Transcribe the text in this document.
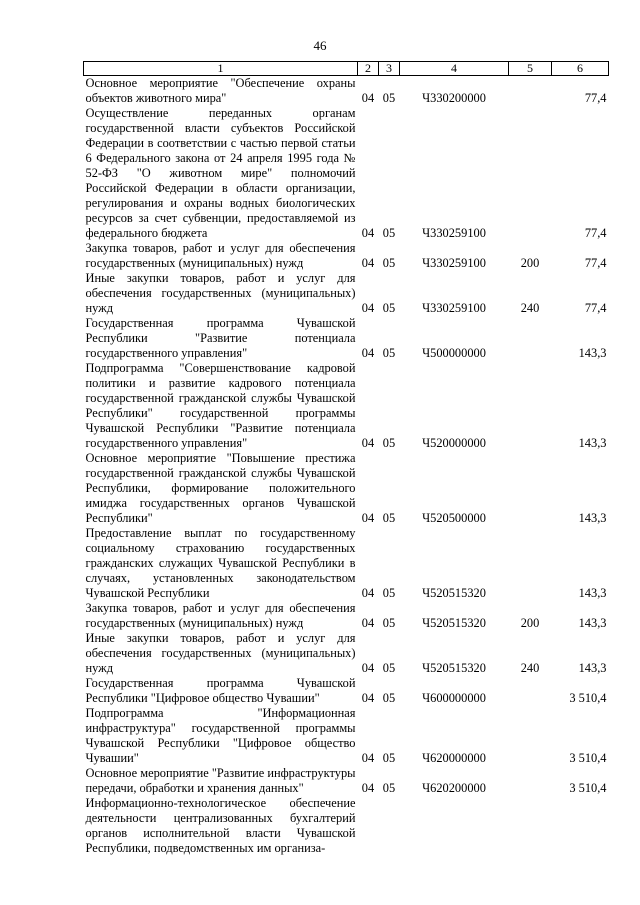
46
1	2	3	4	5	6
Основное мероприятие "Обеспечение охраны объектов животного мира"	04	05	Ч330200000		77,4
Осуществление переданных органам государственной власти субъектов Российской Федерации в соответствии с частью первой статьи 6 Федерального закона от 24 апреля 1995 года № 52-ФЗ "О животном мире" полномочий Российской Федерации в области организации, регулирования и охраны водных биологических ресурсов за счет субвенции, предоставляемой из федерального бюджета	04	05	Ч330259100		77,4
Закупка товаров, работ и услуг для обеспечения государственных (муниципальных) нужд	04	05	Ч330259100	200	77,4
Иные закупки товаров, работ и услуг для обеспечения государственных (муниципальных) нужд	04	05	Ч330259100	240	77,4
Государственная программа Чувашской Республики "Развитие потенциала государственного управления"	04	05	Ч500000000		143,3
Подпрограмма "Совершенствование кадровой политики и развитие кадрового потенциала государственной гражданской службы Чувашской Республики" государственной программы Чувашской Республики "Развитие потенциала государственного управления"	04	05	Ч520000000		143,3
Основное мероприятие "Повышение престижа государственной гражданской службы Чувашской Республики, формирование положительного имиджа государственных органов Чувашской Республики"	04	05	Ч520500000		143,3
Предоставление выплат по государственному социальному страхованию государственных гражданских служащих Чувашской Республики в случаях, установленных законодательством Чувашской Республики	04	05	Ч520515320		143,3
Закупка товаров, работ и услуг для обеспечения государственных (муниципальных) нужд	04	05	Ч520515320	200	143,3
Иные закупки товаров, работ и услуг для обеспечения государственных (муниципальных) нужд	04	05	Ч520515320	240	143,3
Государственная программа Чувашской Республики "Цифровое общество Чувашии"	04	05	Ч600000000		3 510,4
Подпрограмма "Информационная инфраструктура" государственной программы Чувашской Республики "Цифровое общество Чувашии"	04	05	Ч620000000		3 510,4
Основное мероприятие "Развитие инфраструктуры передачи, обработки и хранения данных"	04	05	Ч620200000		3 510,4
Информационно-технологическое обеспечение деятельности централизованных бухгалтерий органов исполнительной власти Чувашской Республики, подведомственных им организа-					
